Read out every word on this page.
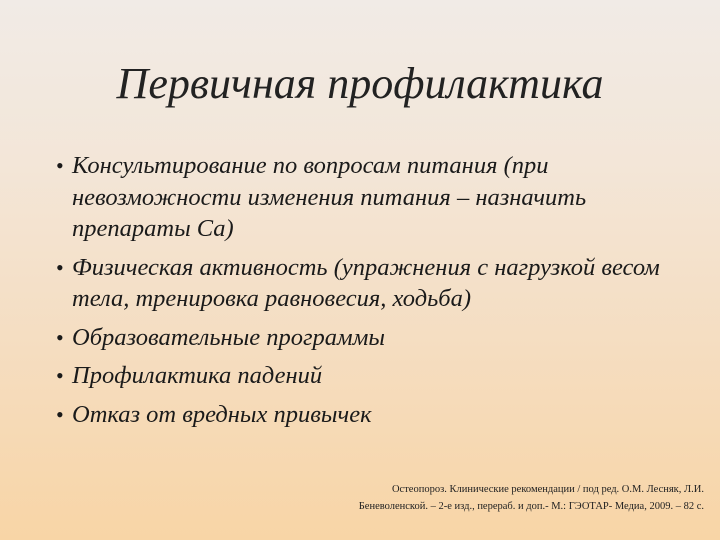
Первичная профилактика
• Консультирование по вопросам питания (при невозможности изменения питания – назначить препараты Са)
• Физическая активность (упражнения с нагрузкой весом тела, тренировка равновесия, ходьба)
• Образовательные программы
• Профилактика падений
• Отказ от вредных привычек
Остеопороз. Клинические рекомендации / под ред. О.М. Лесняк, Л.И.
Беневоленской. – 2-е изд., перераб. и доп.- М.: ГЭОТАР- Медиа, 2009. – 82 с.
